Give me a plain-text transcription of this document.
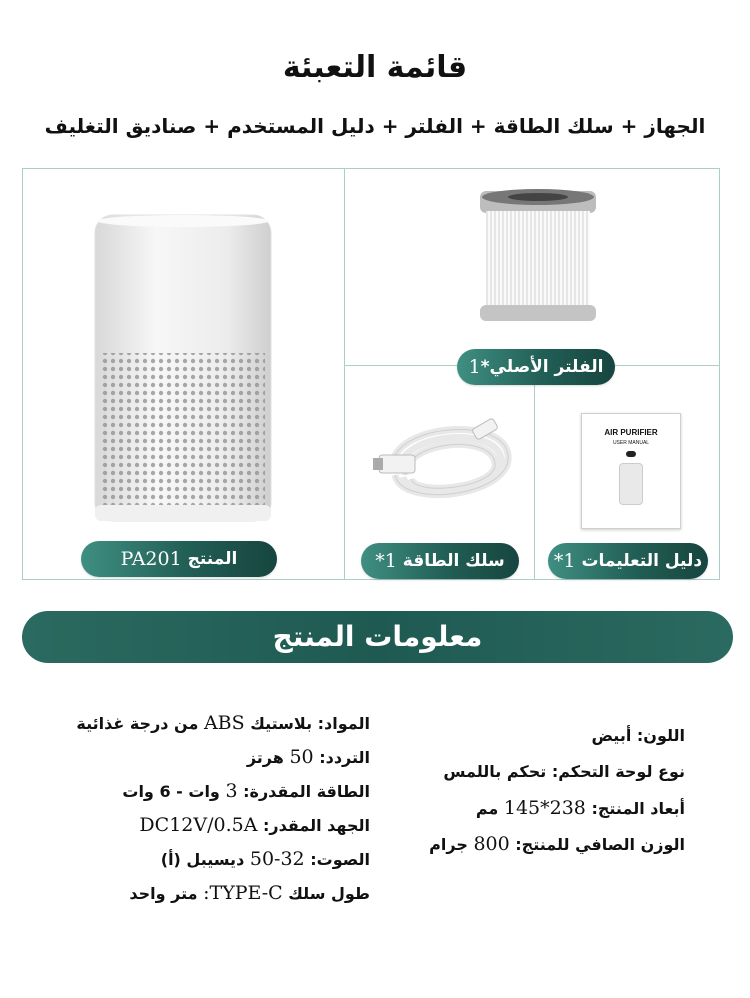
قائمة التعبئة
الجهاز + سلك الطاقة + الفلتر + دليل المستخدم + صناديق التغليف
AIR PURIFIER
USER MANUAL
المنتج

PA201
الفلتر الأصلي*
1
سلك الطاقة

1*	دليل التعليمات

1*
معلومات المنتج
المواد: بلاستيك ABS من درجة غذائية
التردد: 50 هرتز
الطاقة المقدرة: 3 وات - 6 وات
الجهد المقدر: DC12V/0.5A
الصوت: 32-50 ديسيبل (أ)
طول سلك TYPE-C: متر واحد
اللون: أبيض
نوع لوحة التحكم: تحكم باللمس
أبعاد المنتج: 238*145 مم
الوزن الصافي للمنتج: 800 جرام
